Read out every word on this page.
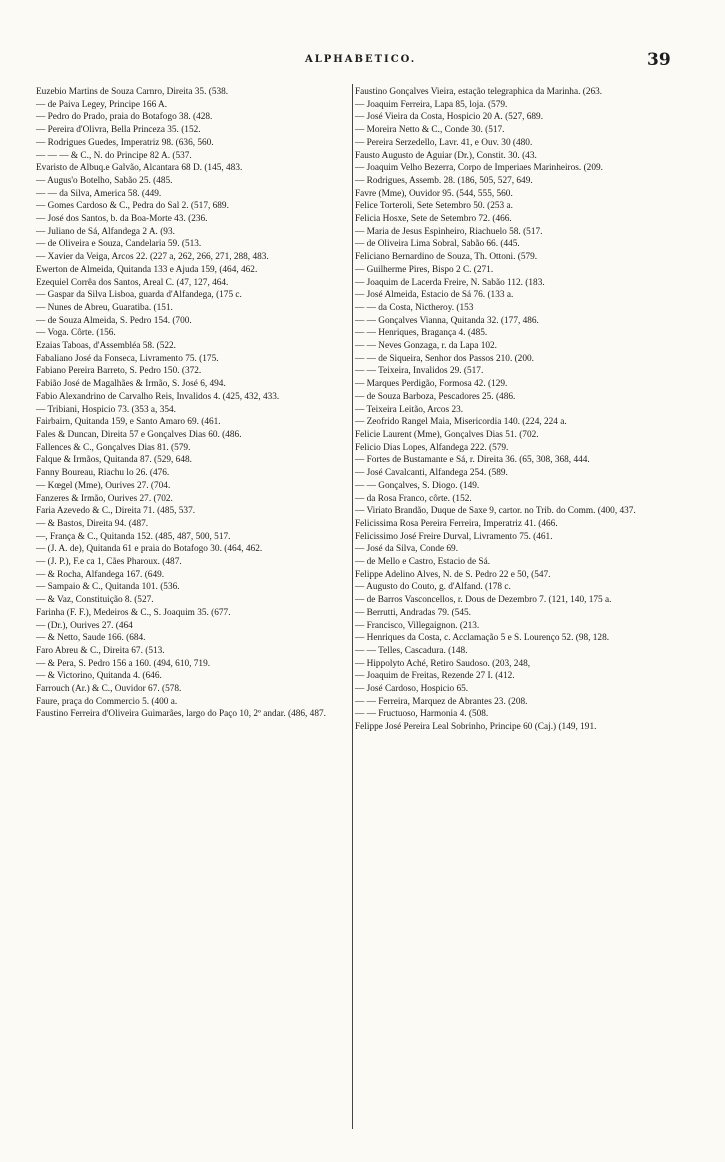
ALPHABETICO.	39

Euzebio Martins de Souza Carnro, Direita 35. (538.

— de Paiva Legey, Principe 166 A.

— Pedro do Prado, praia do Botafogo 38. (428.

— Pereira d'Olivra, Bella Princeza 35. (152.

— Rodrigues Guedes, Imperatriz 98. (636, 560.

— — — & C., N. do Principe 82 A. (537.

Evaristo de Albuq.e Galvão, Alcantara 68 D. (145, 483.

— Augus'o Botelho, Sabão 25. (485.

— — da Silva, America 58. (449.

— Gomes Cardoso & C., Pedra do Sal 2. (517, 689.

— José dos Santos, b. da Boa-Morte 43. (236.

— Juliano de Sá, Alfandega 2 A. (93.

— de Oliveira e Souza, Candelaria 59. (513.

— Xavier da Veiga, Arcos 22. (227 a, 262, 266, 271, 288, 483.

Ewerton de Almeida, Quitanda 133 e Ajuda 159, (464, 462.

Ezequiel Corrêa dos Santos, Areal C. (47, 127, 464.

— Gaspar da Silva Lisboa, guarda d'Alfandega, (175 c.

— Nunes de Abreu, Guaratiba. (151.

— de Souza Almeida, S. Pedro 154. (700.

— Voga. Côrte. (156.

Ezaias Taboas, d'Assembléa 58. (522.

Fabaliano José da Fonseca, Livramento 75. (175.

Fabiano Pereira Barreto, S. Pedro 150. (372.

Fabião José de Magalhães & Irmão, S. José 6, 494.

Fabio Alexandrino de Carvalho Reis, Invalidos 4. (425, 432, 433.

— Tribiani, Hospicio 73. (353 a, 354.

Fairbairn, Quitanda 159, e Santo Amaro 69. (461.

Fales & Duncan, Direita 57 e Gonçalves Dias 60. (486.

Fallences & C., Gonçalves Dias 81. (579.

Falque & Irmãos, Quitanda 87. (529, 648.

Fanny Boureau, Riachu lo 26. (476.

— Kœgel (Mme), Ourives 27. (704.

Fanzeres & Irmão, Ourives 27. (702.

Faria Azevedo & C., Direita 71. (485, 537.

— & Bastos, Direita 94. (487.

—, França & C., Quitanda 152. (485, 487, 500, 517.

— (J. A. de), Quitanda 61 e praia do Botafogo 30. (464, 462.

— (J. P.), F.e ca 1, Cães Pharoux. (487.

— & Rocha, Alfandega 167. (649.

— Sampaio & C., Quitanda 101. (536.

— & Vaz, Constituição 8. (527.

Farinha (F. F.), Medeiros & C., S. Joaquim 35. (677.

— (Dr.), Ourives 27. (464

— & Netto, Saude 166. (684.

Faro Abreu & C., Direita 67. (513.

— & Pera, S. Pedro 156 a 160. (494, 610, 719.

— & Victorino, Quitanda 4. (646.

Farrouch (Ar.) & C., Ouvidor 67. (578.

Faure, praça do Commercio 5. (400 a.

Faustino Ferreira d'Oliveira Guimarães, largo do Paço 10, 2º andar. (486, 487.

Faustino Gonçalves Vieira, estação telegraphica da Marinha. (263.

— Joaquim Ferreira, Lapa 85, loja. (579.

— José Vieira da Costa, Hospicio 20 A. (527, 689.

— Moreira Netto & C., Conde 30. (517.

— Pereira Serzedello, Lavr. 41, e Ouv. 30 (480.

Fausto Augusto de Aguiar (Dr.), Constit. 30. (43.

— Joaquim Velho Bezerra, Corpo de Imperiaes Marinheiros. (209.

— Rodrigues, Assemb. 28. (186, 505, 527, 649.

Favre (Mme), Ouvidor 95. (544, 555, 560.

Felice Torteroli, Sete Setembro 50. (253 a.

Felicia Hosxe, Sete de Setembro 72. (466.

— Maria de Jesus Espinheiro, Riachuelo 58. (517.

— de Oliveira Lima Sobral, Sabão 66. (445.

Feliciano Bernardino de Souza, Th. Ottoni. (579.

— Guilherme Pires, Bispo 2 C. (271.

— Joaquim de Lacerda Freire, N. Sabão 112. (183.

— José Almeida, Estacio de Sá 76. (133 a.

— — da Costa, Nictheroy. (153

— — Gonçalves Vianna, Quitanda 32. (177, 486.

— — Henriques, Bragança 4. (485.

— — Neves Gonzaga, r. da Lapa 102.

— — de Siqueira, Senhor dos Passos 210. (200.

— — Teixeira, Invalidos 29. (517.

— Marques Perdigão, Formosa 42. (129.

— de Souza Barboza, Pescadores 25. (486.

— Teixeira Leitão, Arcos 23.

— Zeofrido Rangel Maia, Misericordia 140. (224, 224 a.

Felicie Laurent (Mme), Gonçalves Dias 51. (702.

Felicio Dias Lopes, Alfandega 222. (579.

— Fortes de Bustamante e Sá, r. Direita 36. (65, 308, 368, 444.

— José Cavalcanti, Alfandega 254. (589.

— — Gonçalves, S. Diogo. (149.

— da Rosa Franco, côrte. (152.

— Viriato Brandão, Duque de Saxe 9, cartor. no Trib. do Comm. (400, 437.

Felicissima Rosa Pereira Ferreira, Imperatriz 41. (466.

Felicissimo José Freire Durval, Livramento 75. (461.

— José da Silva, Conde 69.

— de Mello e Castro, Estacio de Sá.

Felippe Adelino Alves, N. de S. Pedro 22 e 50, (547.

— Augusto do Couto, g. d'Alfand. (178 c.

— de Barros Vasconcellos, r. Dous de Dezembro 7. (121, 140, 175 a.

— Berrutti, Andradas 79. (545.

— Francisco, Villegaignon. (213.

— Henriques da Costa, c. Acclamação 5 e S. Lourenço 52. (98, 128.

— — Telles, Cascadura. (148.

— Hippolyto Aché, Retiro Saudoso. (203, 248,

— Joaquim de Freitas, Rezende 27 I. (412.

— José Cardoso, Hospicio 65.

— — Ferreira, Marquez de Abrantes 23. (208.

— — Fructuoso, Harmonia 4. (508.

Felippe José Pereira Leal Sobrinho, Principe 60 (Caj.) (149, 191.
